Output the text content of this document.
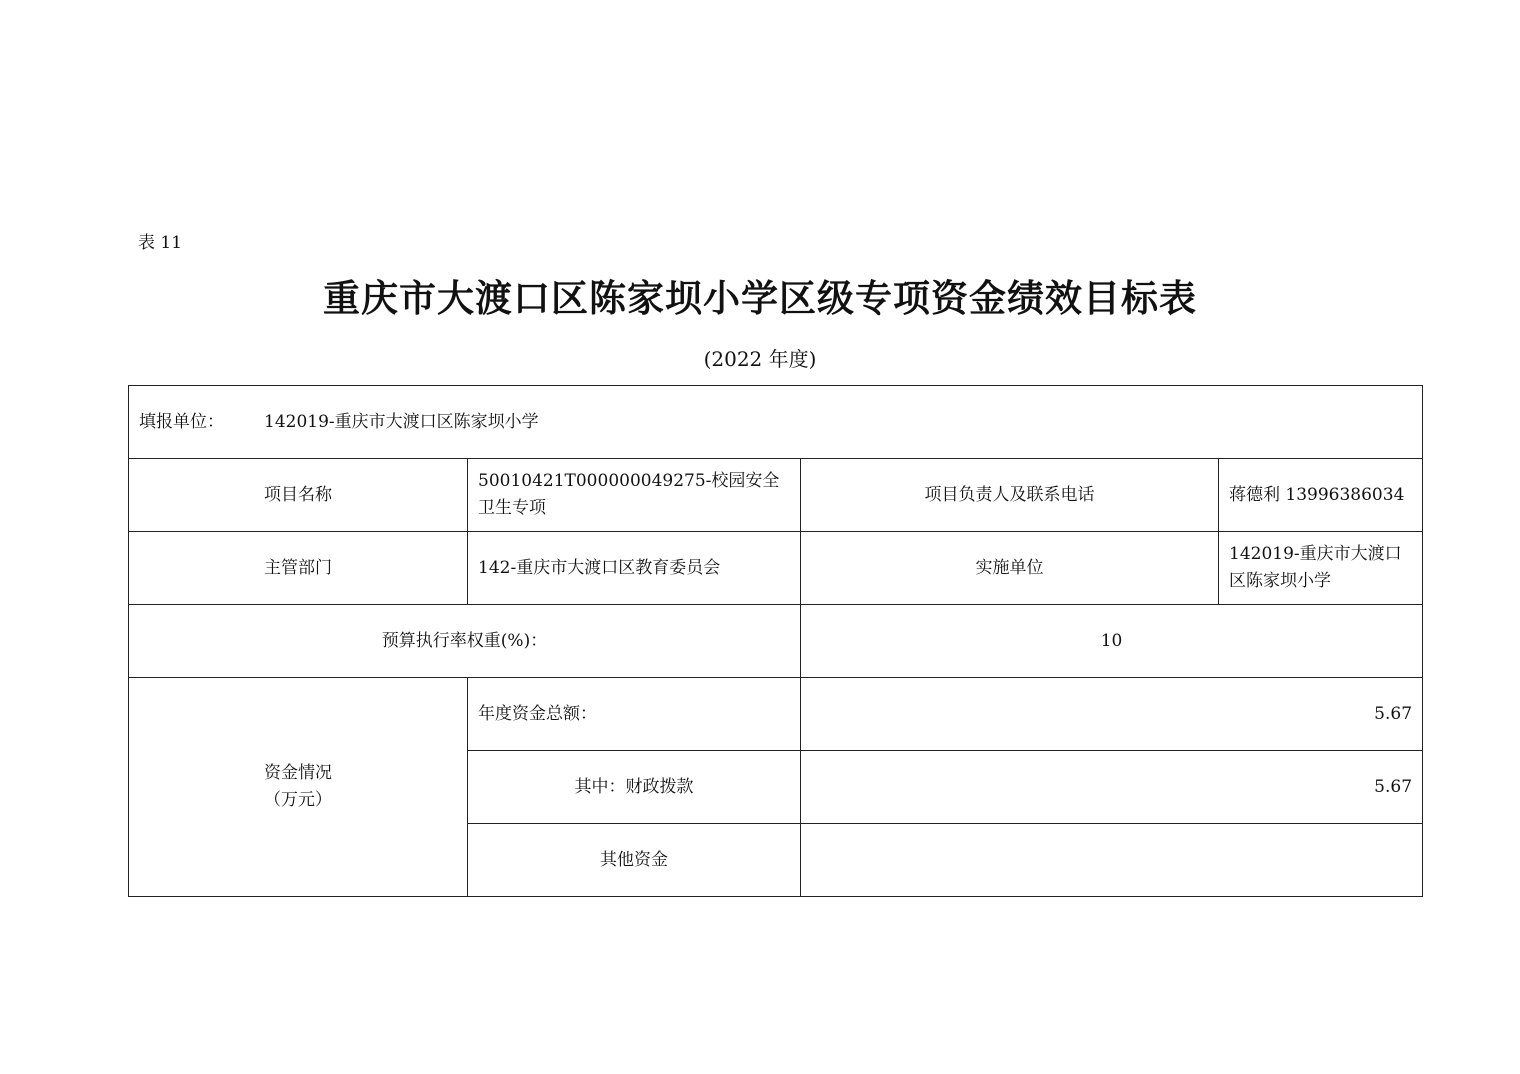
表 11
重庆市大渡口区陈家坝小学区级专项资金绩效目标表
(2022 年度)
填报单位： 142019-重庆市大渡口区陈家坝小学			
项目名称	50010421T000000049275-校园安全卫生专项	项目负责人及联系电话	蒋德利 13996386034
主管部门	142-重庆市大渡口区教育委员会	实施单位	142019-重庆市大渡口区陈家坝小学
预算执行率权重(%)：		10	

资金情况
（万元）	年度资金总额：	5.67	
	其中：财政拨款	5.67	
	其他资金		
